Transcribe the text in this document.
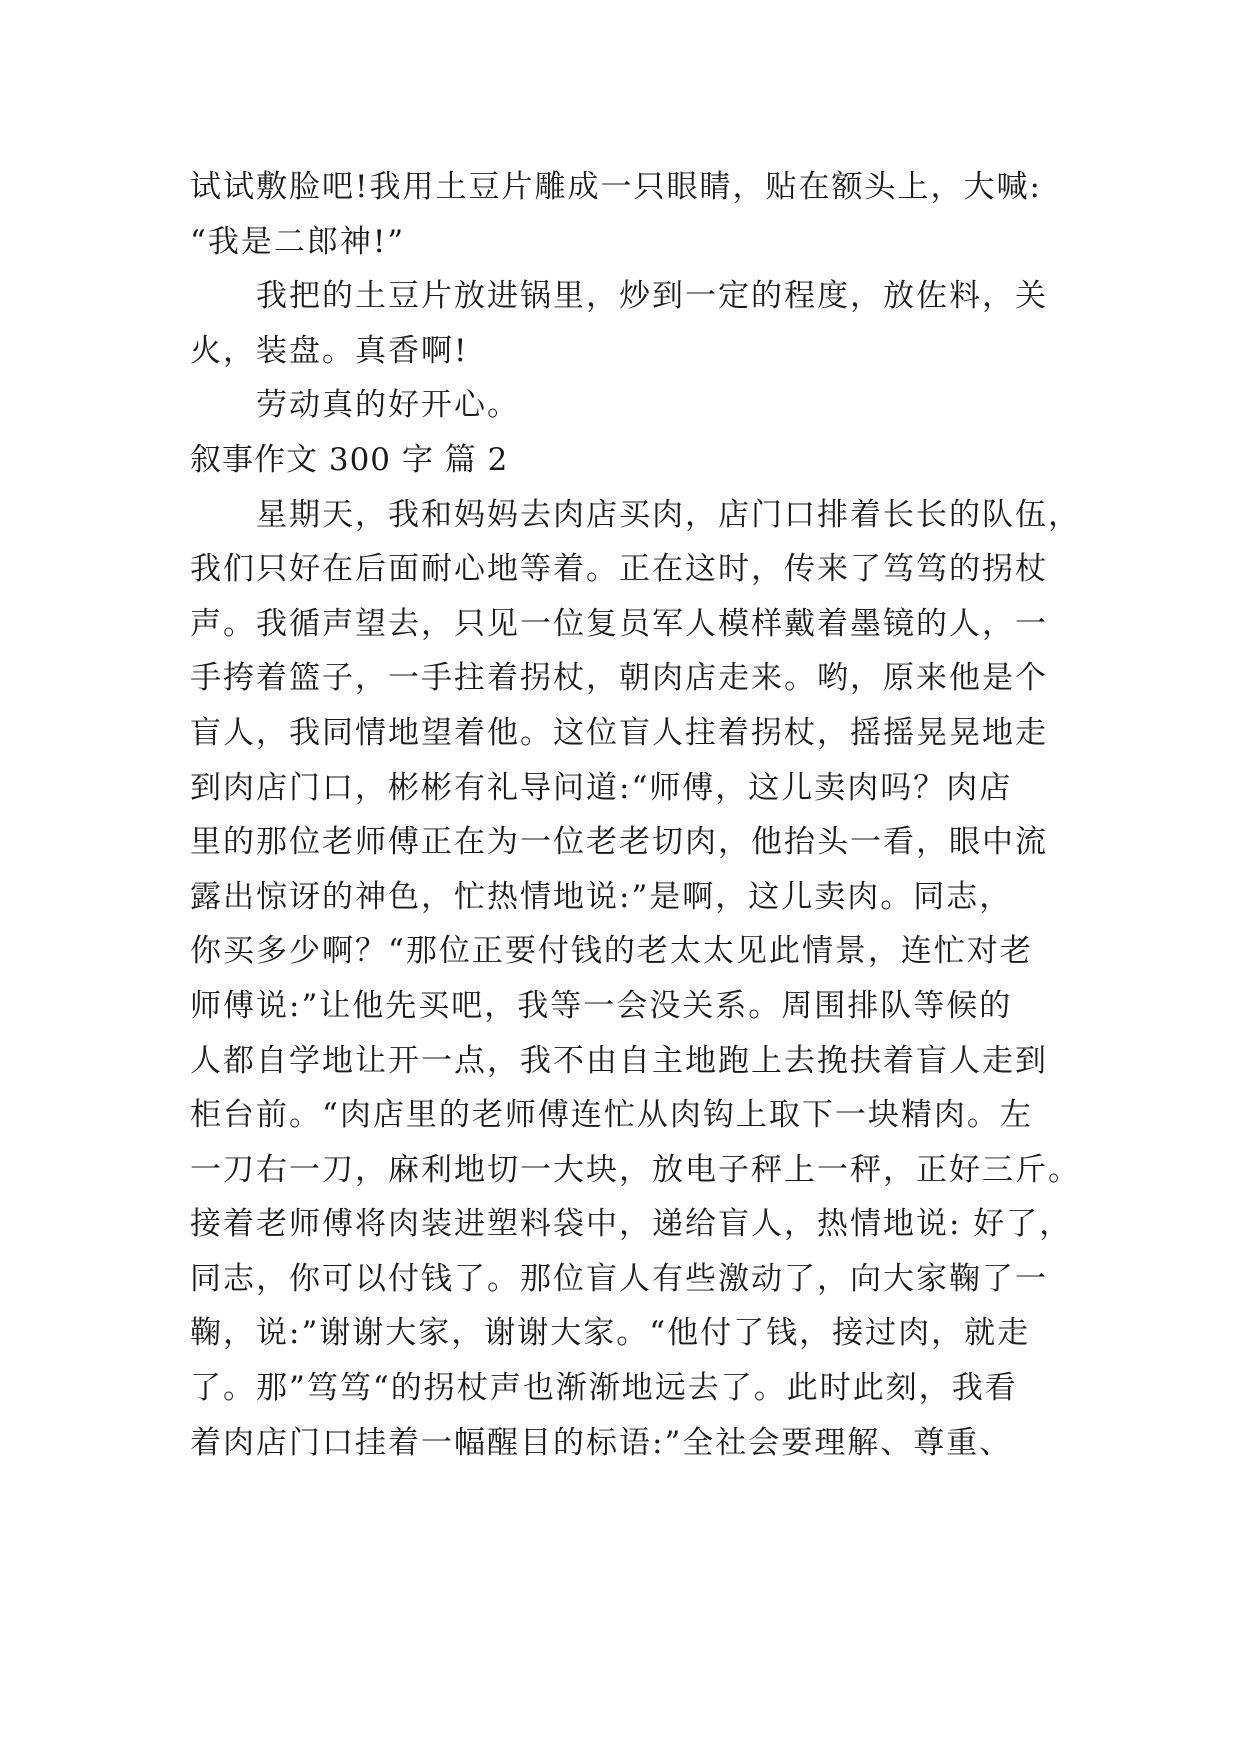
试试敷脸吧!我用土豆片雕成一只眼睛，贴在额头上，大喊:
“我是二郎神!”
我把的土豆片放进锅里，炒到一定的程度，放佐料，关
火，装盘。真香啊!
劳动真的好开心。
叙事作文 300 字 篇 2
星期天，我和妈妈去肉店买肉，店门口排着长长的队伍，
我们只好在后面耐心地等着。正在这时，传来了笃笃的拐杖
声。我循声望去，只见一位复员军人模样戴着墨镜的人，一
手挎着篮子，一手拄着拐杖，朝肉店走来。哟，原来他是个
盲人，我同情地望着他。这位盲人拄着拐杖，摇摇晃晃地走
到肉店门口，彬彬有礼导问道:“师傅，这儿卖肉吗？肉店
里的那位老师傅正在为一位老老切肉，他抬头一看，眼中流
露出惊讶的神色，忙热情地说:”是啊，这儿卖肉。同志，
你买多少啊？“那位正要付钱的老太太见此情景，连忙对老
师傅说:”让他先买吧，我等一会没关系。周围排队等候的
人都自学地让开一点，我不由自主地跑上去挽扶着盲人走到
柜台前。“肉店里的老师傅连忙从肉钩上取下一块精肉。左
一刀右一刀，麻利地切一大块，放电子秤上一秤，正好三斤。
接着老师傅将肉装进塑料袋中，递给盲人，热情地说: 好了，
同志，你可以付钱了。那位盲人有些激动了，向大家鞠了一
鞠，说:”谢谢大家，谢谢大家。“他付了钱，接过肉，就走
了。那”笃笃“的拐杖声也渐渐地远去了。此时此刻，我看
着肉店门口挂着一幅醒目的标语:”全社会要理解、尊重、
